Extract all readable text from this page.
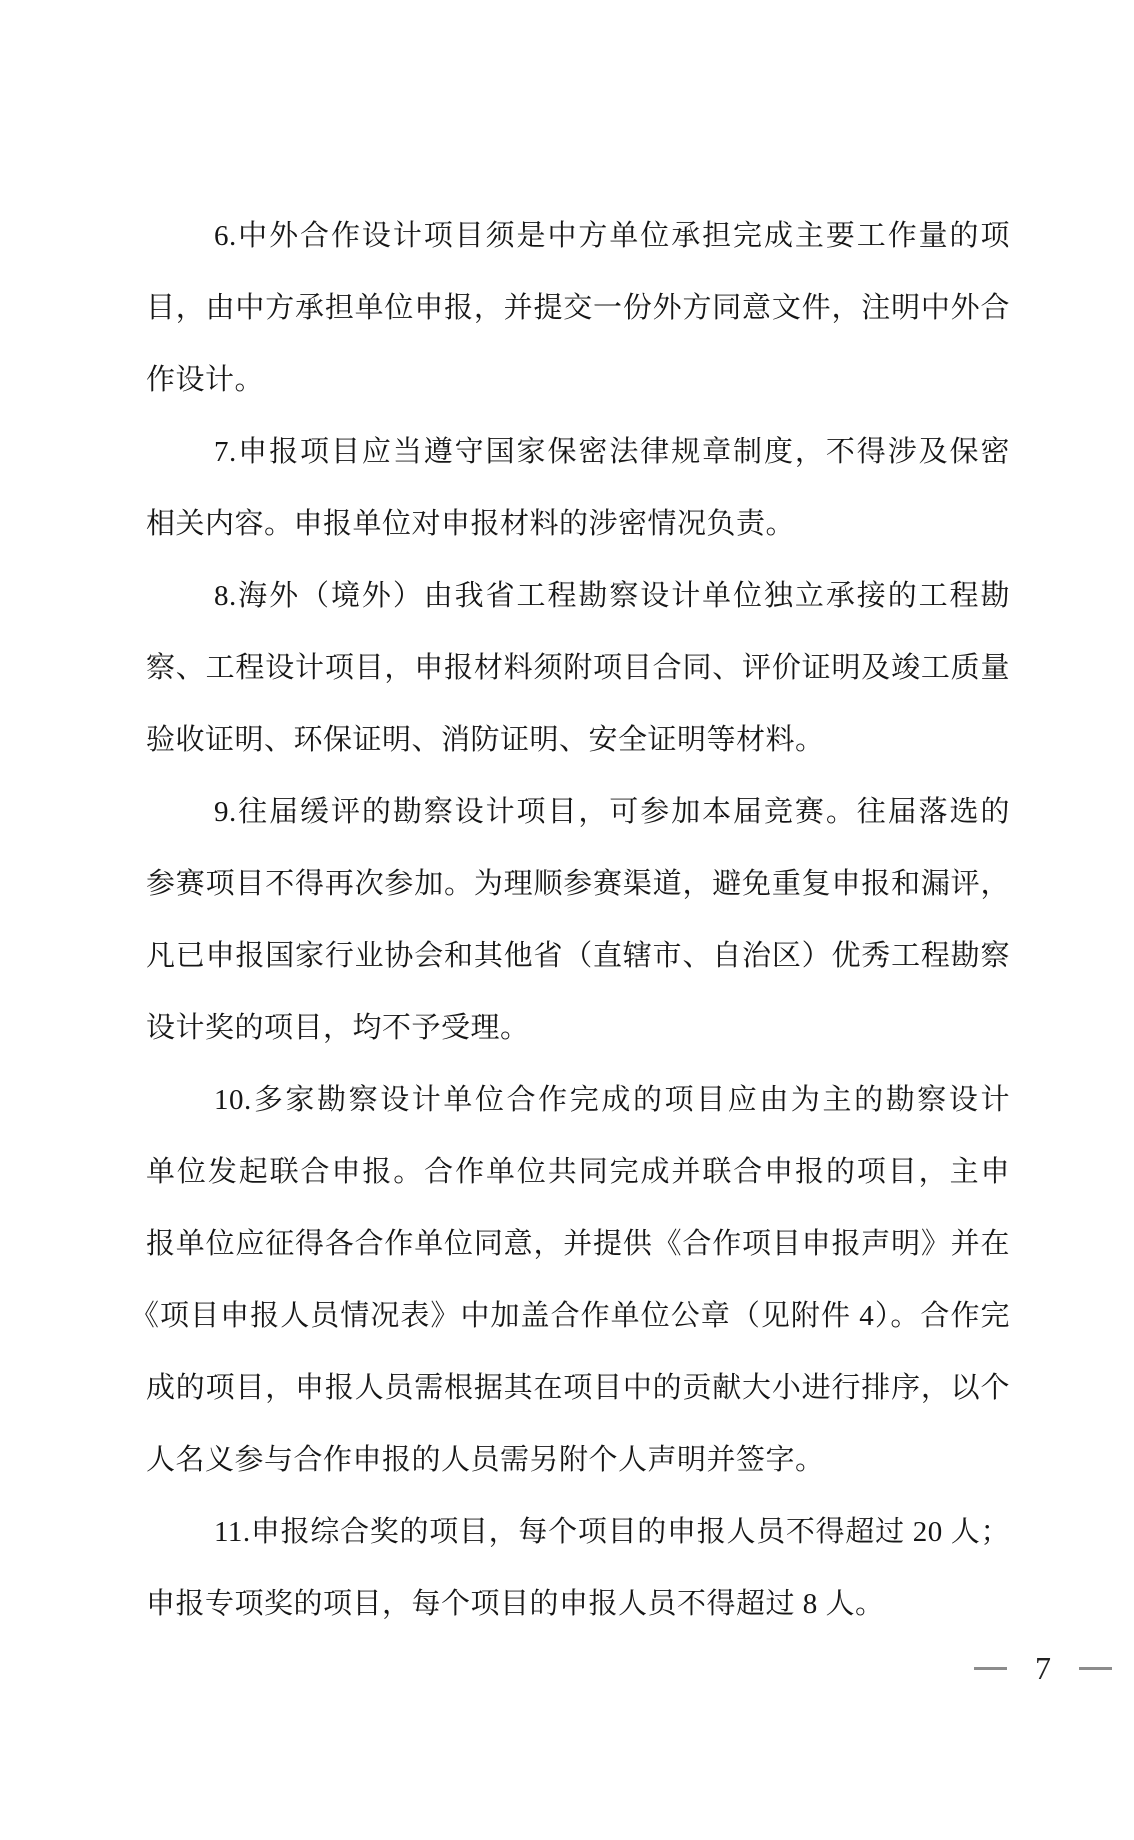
6.中外合作设计项目须是中方单位承担完成主要工作量的项
目，由中方承担单位申报，并提交一份外方同意文件，注明中外合
作设计。
7.申报项目应当遵守国家保密法律规章制度，不得涉及保密
相关内容。申报单位对申报材料的涉密情况负责。
8.海外（境外）由我省工程勘察设计单位独立承接的工程勘
察、工程设计项目，申报材料须附项目合同、评价证明及竣工质量
验收证明、环保证明、消防证明、安全证明等材料。
9.往届缓评的勘察设计项目，可参加本届竞赛。往届落选的
参赛项目不得再次参加。为理顺参赛渠道，避免重复申报和漏评，
凡已申报国家行业协会和其他省（直辖市、自治区）优秀工程勘察
设计奖的项目，均不予受理。
10.多家勘察设计单位合作完成的项目应由为主的勘察设计
单位发起联合申报。合作单位共同完成并联合申报的项目，主申
报单位应征得各合作单位同意，并提供《合作项目申报声明》并在
《项目申报人员情况表》中加盖合作单位公章（见附件 4）。合作完
成的项目，申报人员需根据其在项目中的贡献大小进行排序，以个
人名义参与合作申报的人员需另附个人声明并签字。
11.申报综合奖的项目，每个项目的申报人员不得超过 20 人；
申报专项奖的项目，每个项目的申报人员不得超过 8 人。
7
